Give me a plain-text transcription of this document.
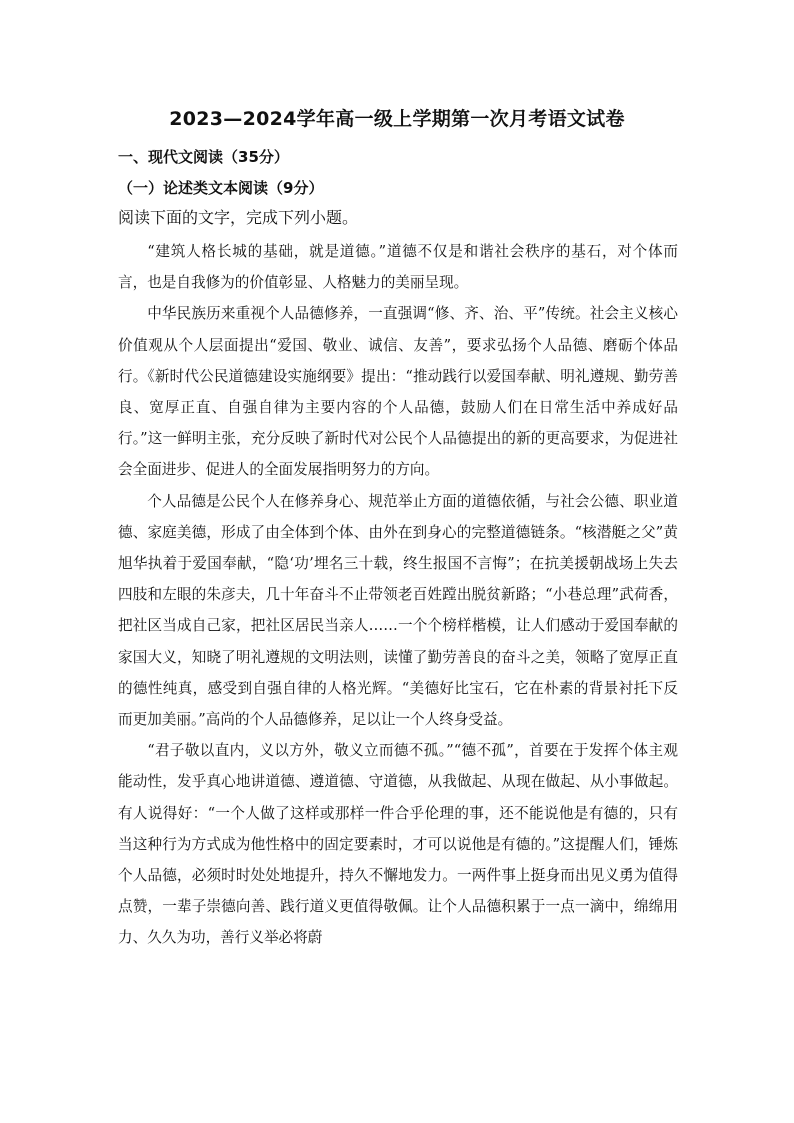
2023—2024学年高一级上学期第一次月考语文试卷
一、现代文阅读（35分）
（一）论述类文本阅读（9分）
阅读下面的文字，完成下列小题。

“建筑人格长城的基础，就是道德。”道德不仅是和谐社会秩序的基石，对个体而言，也是自我修为的价值彰显、人格魅力的美丽呈现。

中华民族历来重视个人品德修养，一直强调“修、齐、治、平”传统。社会主义核心价值观从个人层面提出“爱国、敬业、诚信、友善”，要求弘扬个人品德、磨砺个体品行。《新时代公民道德建设实施纲要》提出：“推动践行以爱国奉献、明礼遵规、勤劳善良、宽厚正直、自强自律为主要内容的个人品德，鼓励人们在日常生活中养成好品行。”这一鲜明主张，充分反映了新时代对公民个人品德提出的新的更高要求，为促进社会全面进步、促进人的全面发展指明努力的方向。

个人品德是公民个人在修养身心、规范举止方面的道德依循，与社会公德、职业道德、家庭美德，形成了由全体到个体、由外在到身心的完整道德链条。“核潜艇之父”黄旭华执着于爱国奉献，“隐‘功’埋名三十载，终生报国不言悔”；在抗美援朝战场上失去四肢和左眼的朱彦夫，几十年奋斗不止带领老百姓蹚出脱贫新路；“小巷总理”武荷香，把社区当成自己家，把社区居民当亲人……一个个榜样楷模，让人们感动于爱国奉献的家国大义，知晓了明礼遵规的文明法则，读懂了勤劳善良的奋斗之美，领略了宽厚正直的德性纯真，感受到自强自律的人格光辉。“美德好比宝石，它在朴素的背景衬托下反而更加美丽。”高尚的个人品德修养，足以让一个人终身受益。

“君子敬以直内，义以方外，敬义立而德不孤。”“德不孤”，首要在于发挥个体主观能动性，发乎真心地讲道德、遵道德、守道德，从我做起、从现在做起、从小事做起。有人说得好：“一个人做了这样或那样一件合乎伦理的事，还不能说他是有德的，只有当这种行为方式成为他性格中的固定要素时，才可以说他是有德的。”这提醒人们，锤炼个人品德，必须时时处处地提升，持久不懈地发力。一两件事上挺身而出见义勇为值得点赞，一辈子崇德向善、践行道义更值得敬佩。让个人品德积累于一点一滴中，绵绵用力、久久为功，善行义举必将蔚
